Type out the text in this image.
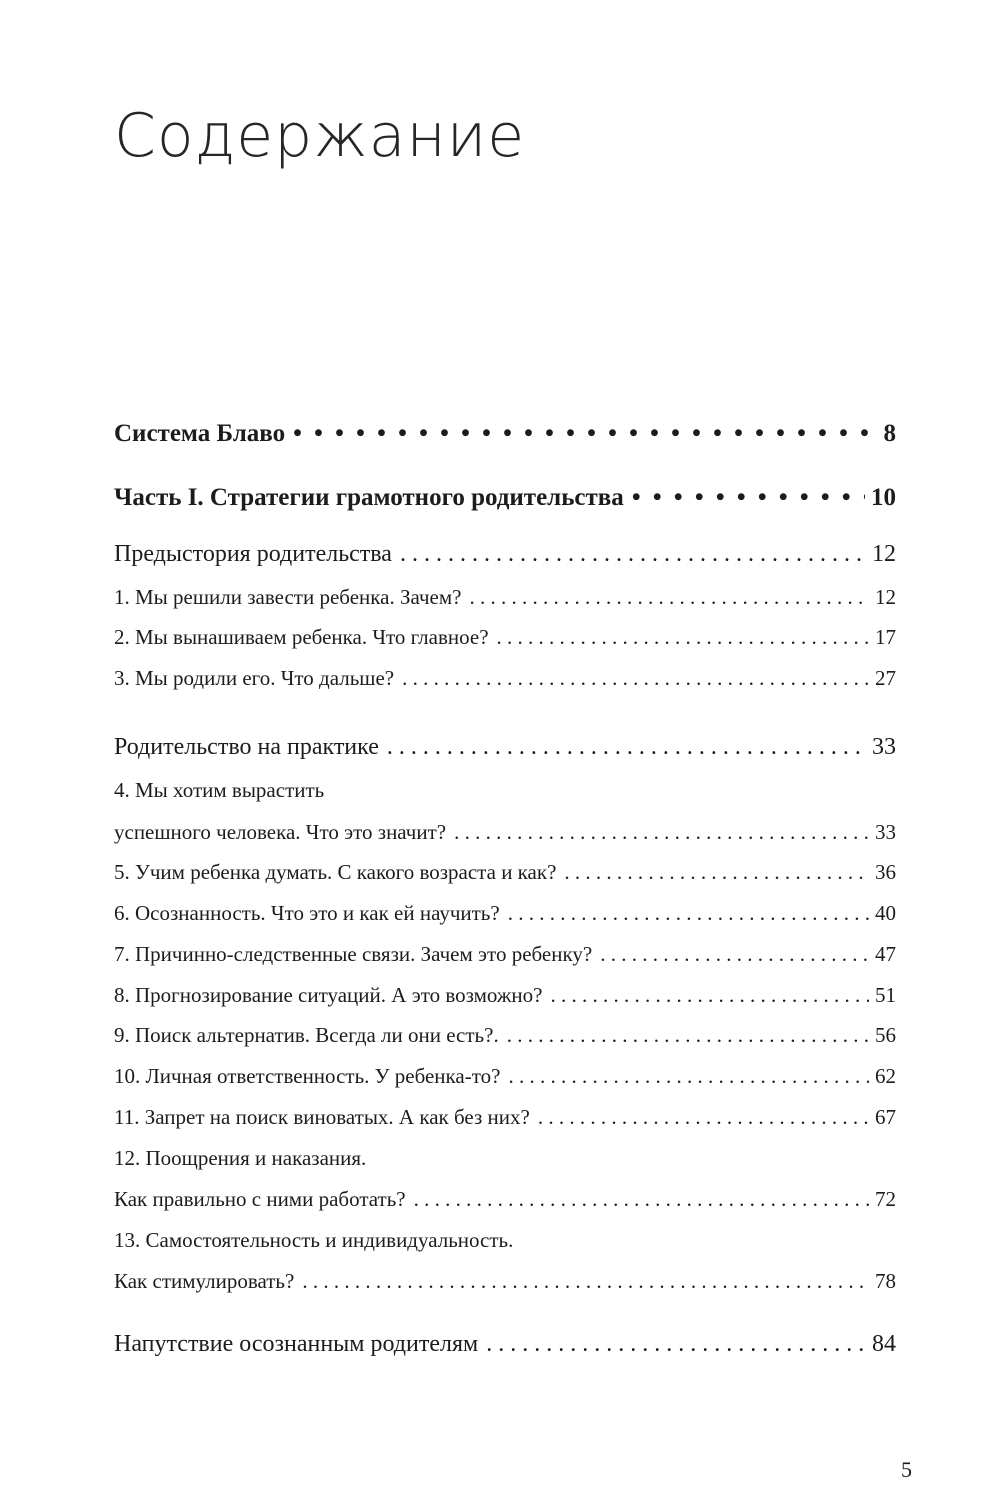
Содержание
Система Блаво • • •	8
Часть I. Стратегии грамотного родительства • • •	10
Предыстория родительства . . .	12
1. Мы решили завести ребенка. Зачем? . . .	12
2. Мы вынашиваем ребенка. Что главное? . . .	17
3. Мы родили его. Что дальше? . . .	27
Родительство на практике . . .	33
4. Мы хотим вырастить
успешного человека. Что это значит? . . .	33
5. Учим ребенка думать. С какого возраста и как? . . .	36
6. Осознанность. Что это и как ей научить? . . .	40
7. Причинно-следственные связи. Зачем это ребенку? . . .	47
8. Прогнозирование ситуаций. А это возможно? . . .	51
9. Поиск альтернатив. Всегда ли они есть?. . . .	56
10. Личная ответственность. У ребенка-то? . . .	62
11. Запрет на поиск виноватых. А как без них? . . .	67
12. Поощрения и наказания.
Как правильно с ними работать? . . .	72
13. Самостоятельность и индивидуальность.
Как стимулировать? . . .	78
Напутствие осознанным родителям . . .	84
5
